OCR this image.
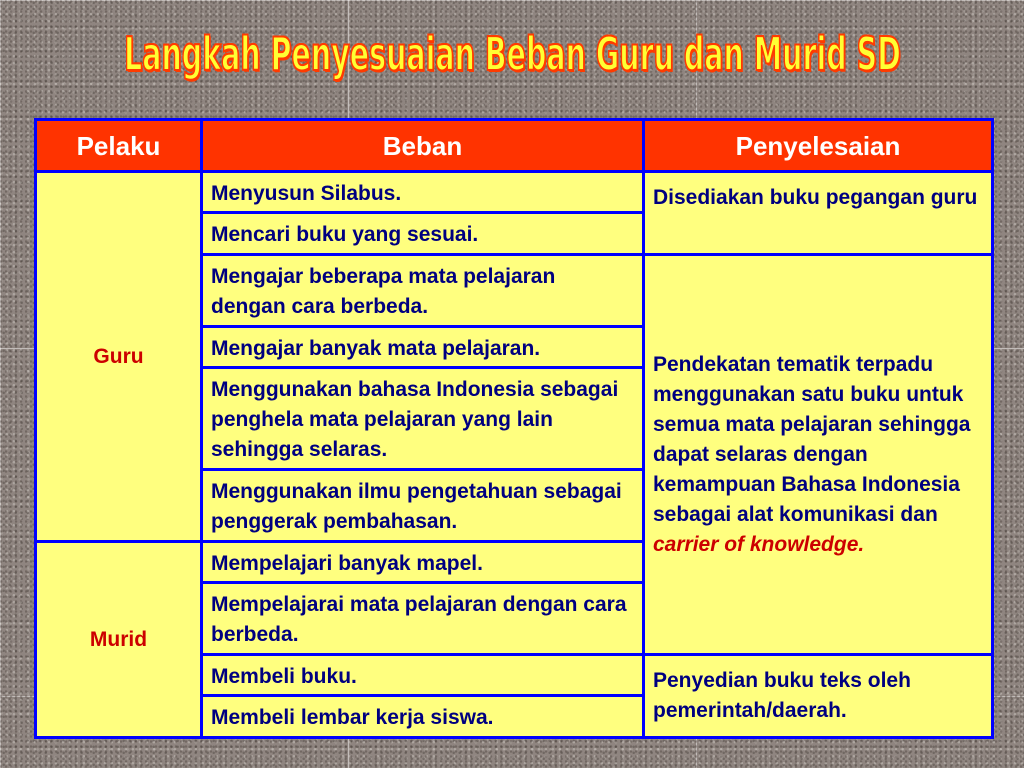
Langkah Penyesuaian Beban Guru dan Murid SD
Pelaku	Beban	Penyelesaian
Guru	Menyusun Silabus.	Disediakan buku pegangan guru
	Mencari buku yang sesuai.	
	Mengajar beberapa mata pelajaran dengan cara berbeda.	Pendekatan tematik terpadu menggunakan satu buku untuk semua mata pelajaran sehingga dapat selaras dengan kemampuan Bahasa Indonesia sebagai alat komunikasi dan carrier of knowledge.
	Mengajar banyak mata pelajaran.	
	Menggunakan bahasa Indonesia sebagai penghela mata pelajaran yang lain sehingga selaras.	
	Menggunakan ilmu pengetahuan sebagai penggerak pembahasan.	
Murid	Mempelajari banyak mapel.	
	Mempelajarai mata pelajaran dengan cara berbeda.	
	Membeli buku.	Penyedian buku teks oleh pemerintah/daerah.
	Membeli lembar kerja siswa.	
